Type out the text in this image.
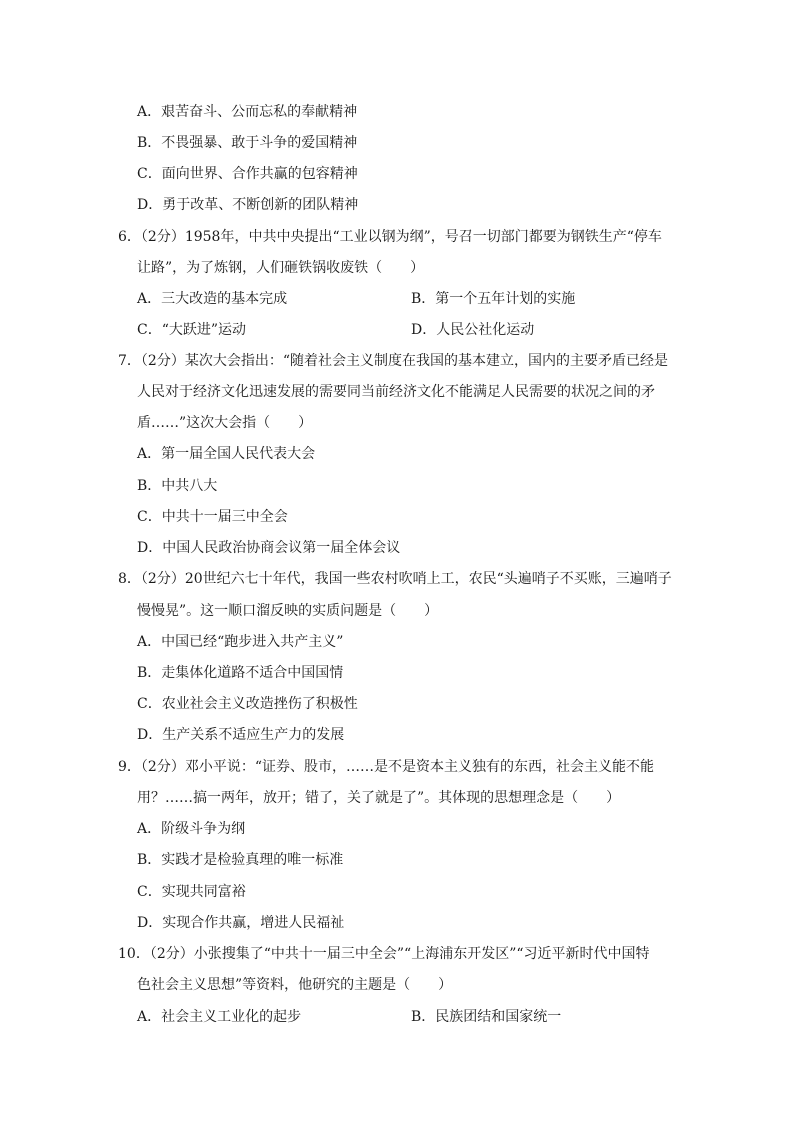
A．艰苦奋斗、公而忘私的奉献精神
B．不畏强暴、敢于斗争的爱国精神
C．面向世界、合作共赢的包容精神
D．勇于改革、不断创新的团队精神
6．（2分）1958年，中共中央提出“工业以钢为纲”，号召一切部门都要为钢铁生产“停车
让路”，为了炼钢，人们砸铁锅收废铁（　　）
A．三大改造的基本完成	B．第一个五年计划的实施
C．“大跃进”运动	D．人民公社化运动
7．（2分）某次大会指出：“随着社会主义制度在我国的基本建立，国内的主要矛盾已经是
人民对于经济文化迅速发展的需要同当前经济文化不能满足人民需要的状况之间的矛
盾……”这次大会指（　　）
A．第一届全国人民代表大会
B．中共八大
C．中共十一届三中全会
D．中国人民政治协商会议第一届全体会议
8．（2分）20世纪六七十年代，我国一些农村吹哨上工，农民“头遍哨子不买账，三遍哨子
慢慢晃”。这一顺口溜反映的实质问题是（　　）
A．中国已经“跑步进入共产主义”
B．走集体化道路不适合中国国情
C．农业社会主义改造挫伤了积极性
D．生产关系不适应生产力的发展
9．（2分）邓小平说：“证券、股市，……是不是资本主义独有的东西，社会主义能不能
用？……搞一两年，放开；错了，关了就是了”。其体现的思想理念是（　　）
A．阶级斗争为纲
B．实践才是检验真理的唯一标准
C．实现共同富裕
D．实现合作共赢，增进人民福祉
10．（2分）小张搜集了“中共十一届三中全会”“上海浦东开发区”“习近平新时代中国特
色社会主义思想”等资料，他研究的主题是（　　）
A．社会主义工业化的起步	B．民族团结和国家统一
